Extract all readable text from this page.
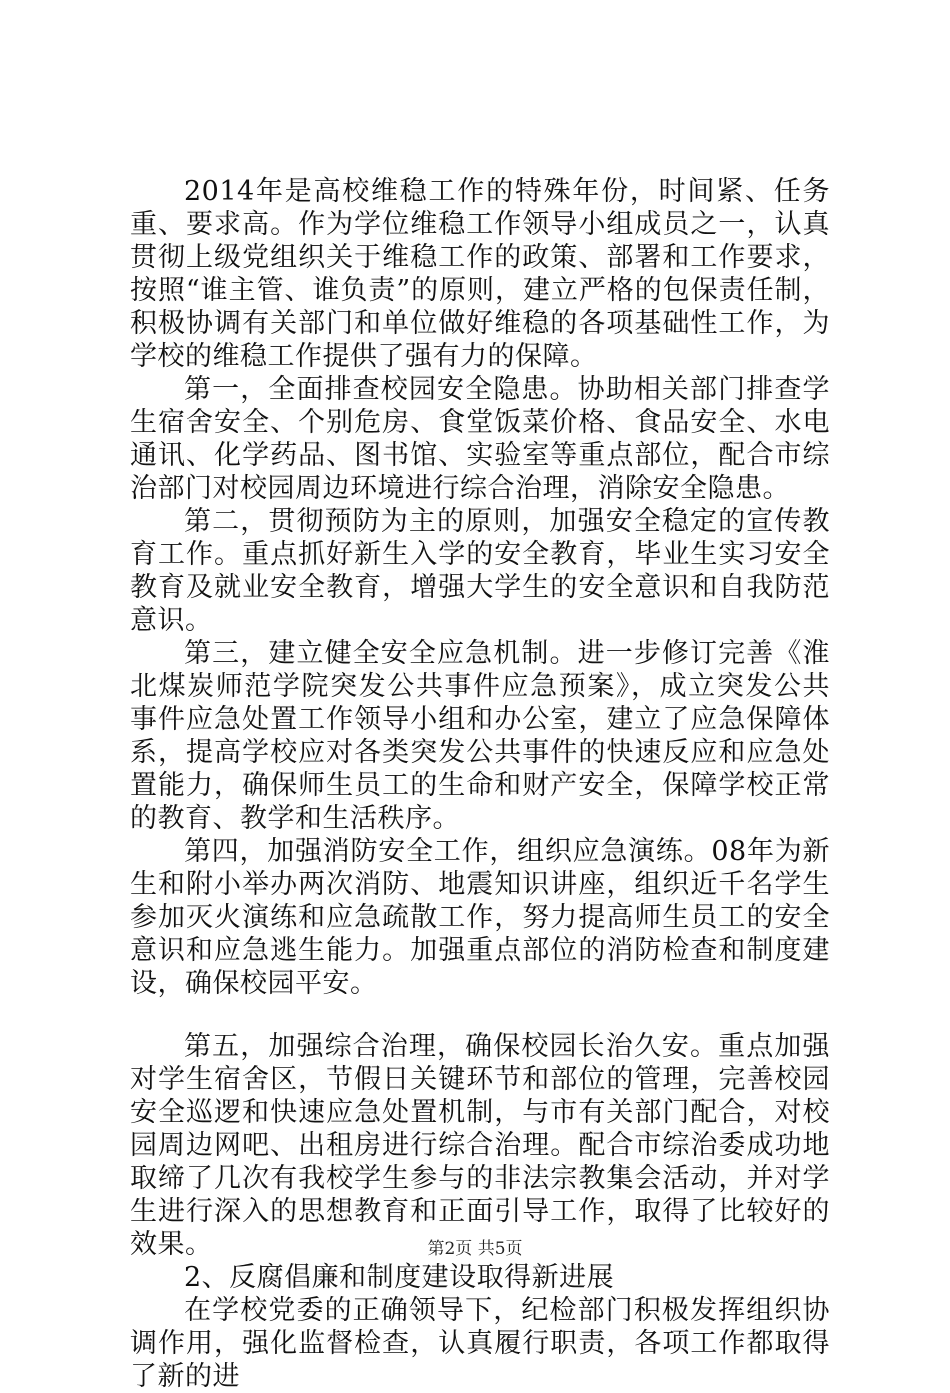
2014年是高校维稳工作的特殊年份，时间紧、任务重、要求高。作为学位维稳工作领导小组成员之一，认真贯彻上级党组织关于维稳工作的政策、部署和工作要求，按照“谁主管、谁负责”的原则，建立严格的包保责任制，积极协调有关部门和单位做好维稳的各项基础性工作，为学校的维稳工作提供了强有力的保障。

第一，全面排查校园安全隐患。协助相关部门排查学生宿舍安全、个别危房、食堂饭菜价格、食品安全、水电通讯、化学药品、图书馆、实验室等重点部位，配合市综治部门对校园周边环境进行综合治理，消除安全隐患。

第二，贯彻预防为主的原则，加强安全稳定的宣传教育工作。重点抓好新生入学的安全教育，毕业生实习安全教育及就业安全教育，增强大学生的安全意识和自我防范意识。

第三，建立健全安全应急机制。进一步修订完善《淮北煤炭师范学院突发公共事件应急预案》，成立突发公共事件应急处置工作领导小组和办公室，建立了应急保障体系，提高学校应对各类突发公共事件的快速反应和应急处置能力，确保师生员工的生命和财产安全，保障学校正常的教育、教学和生活秩序。

第四，加强消防安全工作，组织应急演练。08年为新生和附小举办两次消防、地震知识讲座，组织近千名学生参加灭火演练和应急疏散工作，努力提高师生员工的安全意识和应急逃生能力。加强重点部位的消防检查和制度建设，确保校园平安。

第五，加强综合治理，确保校园长治久安。重点加强对学生宿舍区，节假日关键环节和部位的管理，完善校园安全巡逻和快速应急处置机制，与市有关部门配合，对校园周边网吧、出租房进行综合治理。配合市综治委成功地取缔了几次有我校学生参与的非法宗教集会活动，并对学生进行深入的思想教育和正面引导工作，取得了比较好的效果。

2、反腐倡廉和制度建设取得新进展

在学校党委的正确领导下，纪检部门积极发挥组织协调作用，强化监督检查，认真履行职责，各项工作都取得了新的进

第2页 共5页
